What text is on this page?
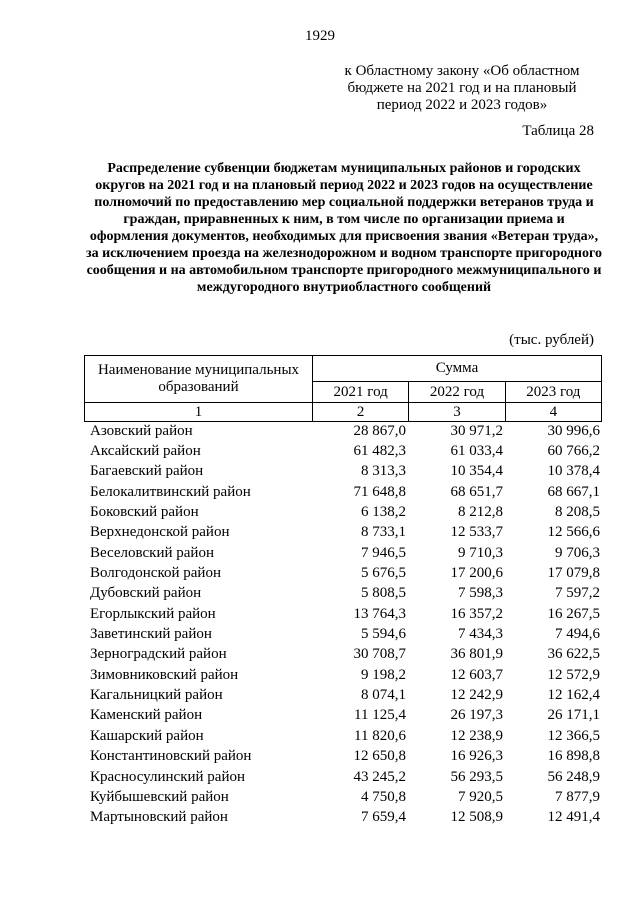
1929
к Областному закону «Об областном бюджете на 2021 год и на плановый период 2022 и 2023 годов»
Таблица 28
Распределение субвенции бюджетам муниципальных районов и городских округов на 2021 год и на плановый период 2022 и 2023 годов на осуществление полномочий по предоставлению мер социальной поддержки ветеранов труда и граждан, приравненных к ним, в том числе по организации приема и оформления документов, необходимых для присвоения звания «Ветеран труда», за исключением проезда на железнодорожном и водном транспорте пригородного сообщения и на автомобильном транспорте пригородного межмуниципального и междугородного внутриобластного сообщений
(тыс. рублей)
Наименование муниципальных образований	Сумма		
	2021 год	2022 год	2023 год
1	2	3	4
Азовский район	28 867,0	30 971,2	30 996,6
Аксайский район	61 482,3	61 033,4	60 766,2
Багаевский район	8 313,3	10 354,4	10 378,4
Белокалитвинский район	71 648,8	68 651,7	68 667,1
Боковский район	6 138,2	8 212,8	8 208,5
Верхнедонской район	8 733,1	12 533,7	12 566,6
Веселовский район	7 946,5	9 710,3	9 706,3
Волгодонской район	5 676,5	17 200,6	17 079,8
Дубовский район	5 808,5	7 598,3	7 597,2
Егорлыкский район	13 764,3	16 357,2	16 267,5
Заветинский район	5 594,6	7 434,3	7 494,6
Зерноградский район	30 708,7	36 801,9	36 622,5
Зимовниковский район	9 198,2	12 603,7	12 572,9
Кагальницкий район	8 074,1	12 242,9	12 162,4
Каменский район	11 125,4	26 197,3	26 171,1
Кашарский район	11 820,6	12 238,9	12 366,5
Константиновский район	12 650,8	16 926,3	16 898,8
Красносулинский район	43 245,2	56 293,5	56 248,9
Куйбышевский район	4 750,8	7 920,5	7 877,9
Мартыновский район	7 659,4	12 508,9	12 491,4
